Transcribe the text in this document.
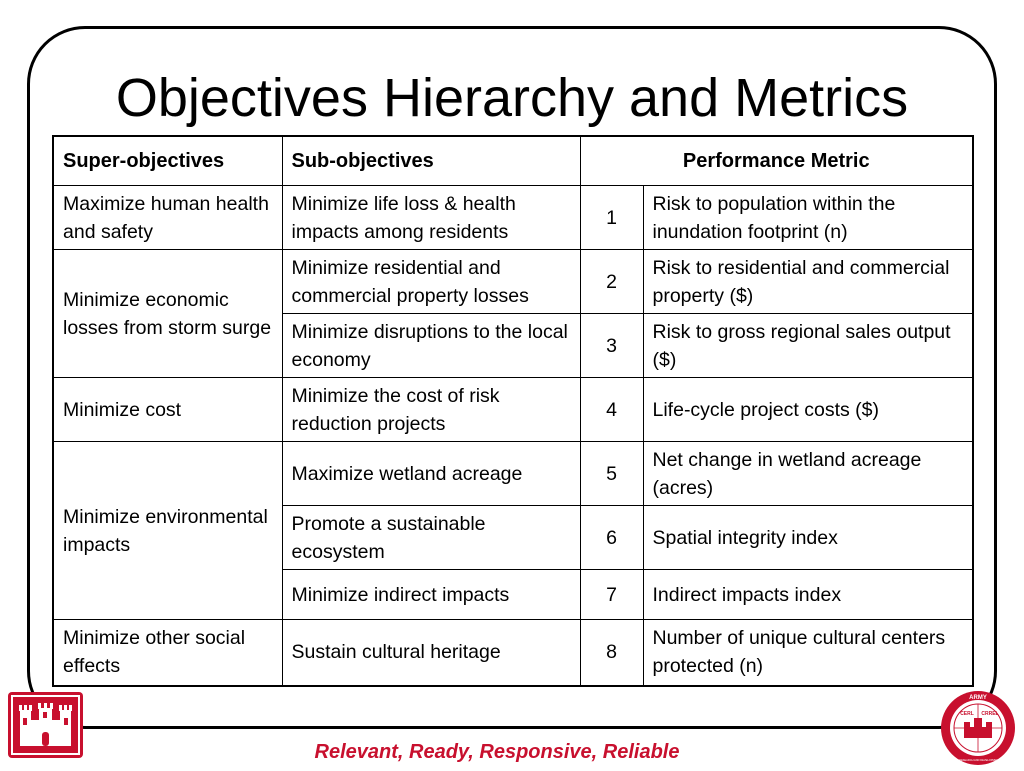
Objectives Hierarchy and Metrics
Super-objectives	Sub-objectives	Performance Metric	
Maximize human health and safety	Minimize life loss & health impacts among residents	1	Risk to population within the inundation footprint (n)
Minimize economic losses from storm surge	Minimize residential and commercial property losses	2	Risk to residential and commercial property ($)
	Minimize disruptions to the local economy	3	Risk to gross regional sales output ($)
Minimize cost	Minimize the cost of risk reduction projects	4	Life-cycle project costs ($)
Minimize environmental impacts	Maximize wetland acreage	5	Net change in wetland acreage (acres)
	Promote a sustainable ecosystem	6	Spatial integrity index
	Minimize indirect impacts	7	Indirect impacts index
Minimize other social effects	Sustain cultural heritage	8	Number of unique cultural centers protected (n)
Relevant, Ready, Responsive, Reliable
ARMY
CERL CRREL
ENGINEER RESEARCH AND DEVELOPMENT CENTER
